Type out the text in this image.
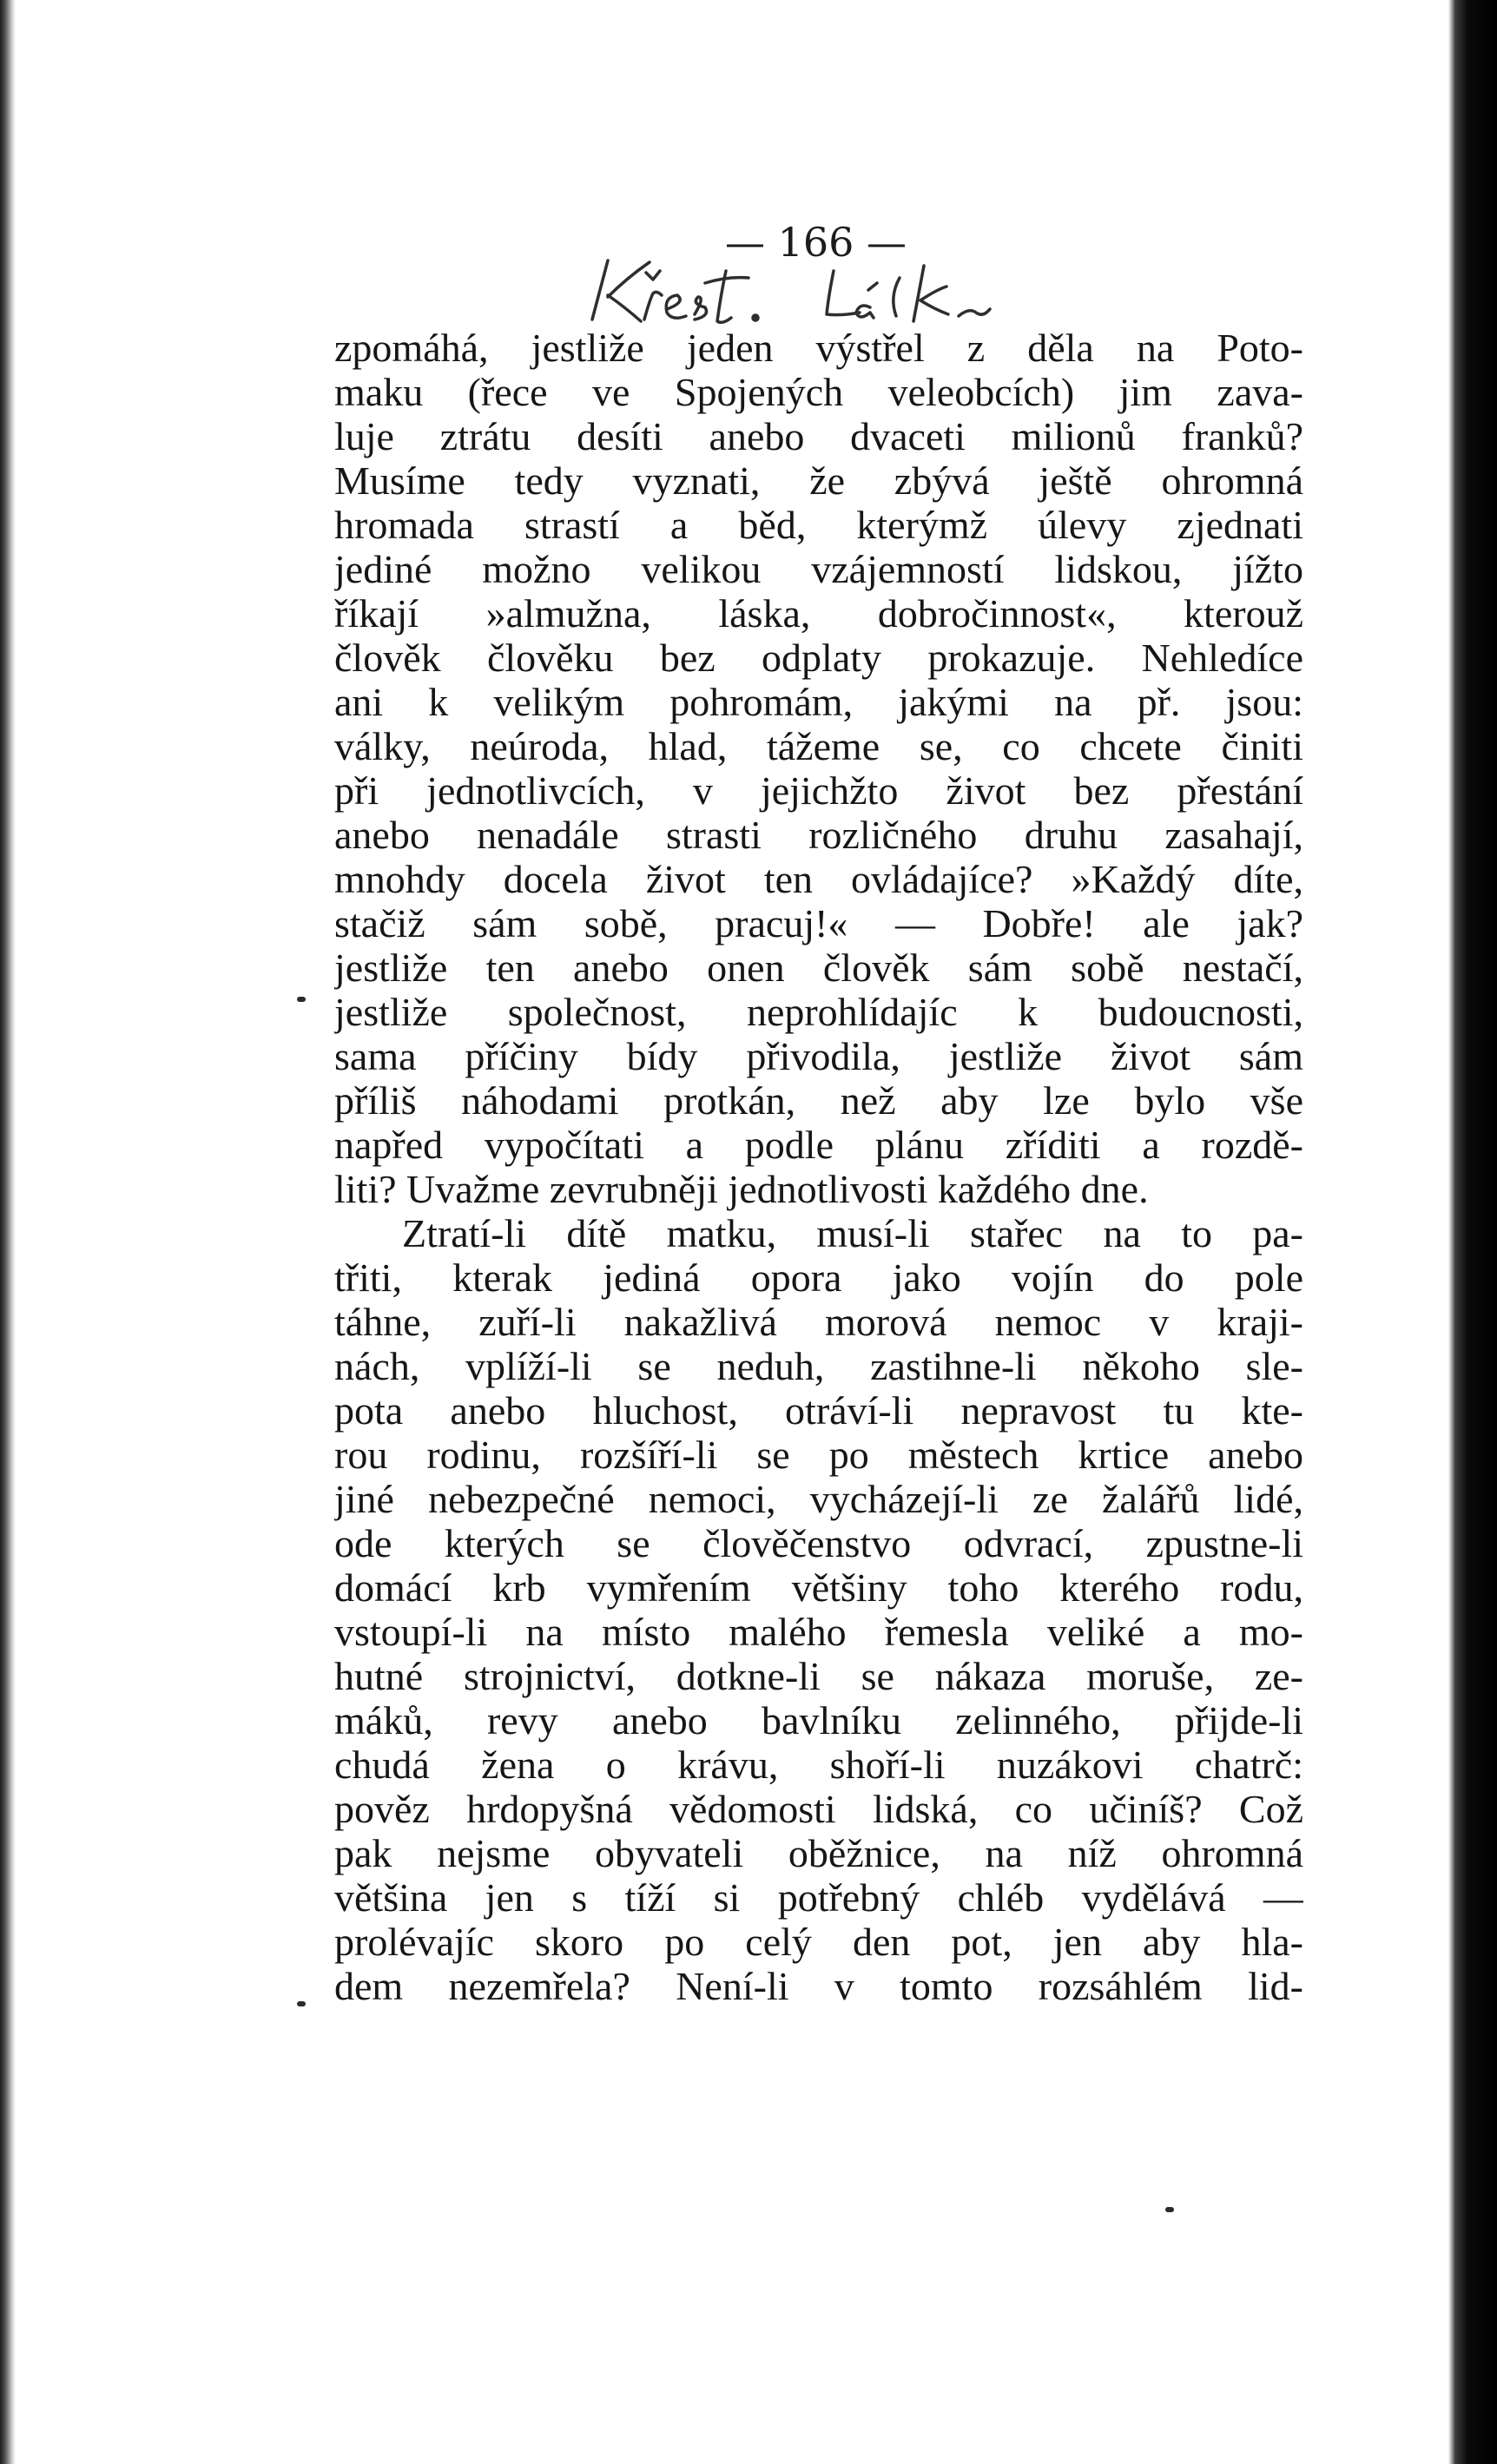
— 166 —
zpomáhá, jestliže jeden výstřel z děla na Poto-
maku (řece ve Spojených veleobcích) jim zava-
luje ztrátu desíti anebo dvaceti milionů franků?
Musíme tedy vyznati, že zbývá ještě ohromná
hromada strastí a běd, kterýmž úlevy zjednati
jediné možno velikou vzájemností lidskou, jížto
říkají »almužna, láska, dobročinnost«, kterouž
člověk člověku bez odplaty prokazuje. Nehledíce
ani k velikým pohromám, jakými na př. jsou:
války, neúroda, hlad, tážeme se, co chcete činiti
při jednotlivcích, v jejichžto život bez přestání
anebo nenadále strasti rozličného druhu zasahají,
mnohdy docela život ten ovládajíce? »Každý díte,
stačiž sám sobě, pracuj!« — Dobře! ale jak?
jestliže ten anebo onen člověk sám sobě nestačí,
jestliže společnost, neprohlídajíc k budoucnosti,
sama příčiny bídy přivodila, jestliže život sám
příliš náhodami protkán, než aby lze bylo vše
napřed vypočítati a podle plánu zříditi a rozdě-
liti? Uvažme zevrubněji jednotlivosti každého dne.
Ztratí-li dítě matku, musí-li stařec na to pa-
třiti, kterak jediná opora jako vojín do pole
táhne, zuří-li nakažlivá morová nemoc v kraji-
nách, vplíží-li se neduh, zastihne-li někoho sle-
pota anebo hluchost, otráví-li nepravost tu kte-
rou rodinu, rozšíří-li se po městech krtice anebo
jiné nebezpečné nemoci, vycházejí-li ze žalářů lidé,
ode kterých se člověčenstvo odvrací, zpustne-li
domácí krb vymřením většiny toho kterého rodu,
vstoupí-li na místo malého řemesla veliké a mo-
hutné strojnictví, dotkne-li se nákaza moruše, ze-
máků, revy anebo bavlníku zelinného, přijde-li
chudá žena o krávu, shoří-li nuzákovi chatrč:
pověz hrdopyšná vědomosti lidská, co učiníš? Což
pak nejsme obyvateli oběžnice, na níž ohromná
většina jen s tíží si potřebný chléb vydělává —
prolévajíc skoro po celý den pot, jen aby hla-
dem nezemřela? Není-li v tomto rozsáhlém lid-
